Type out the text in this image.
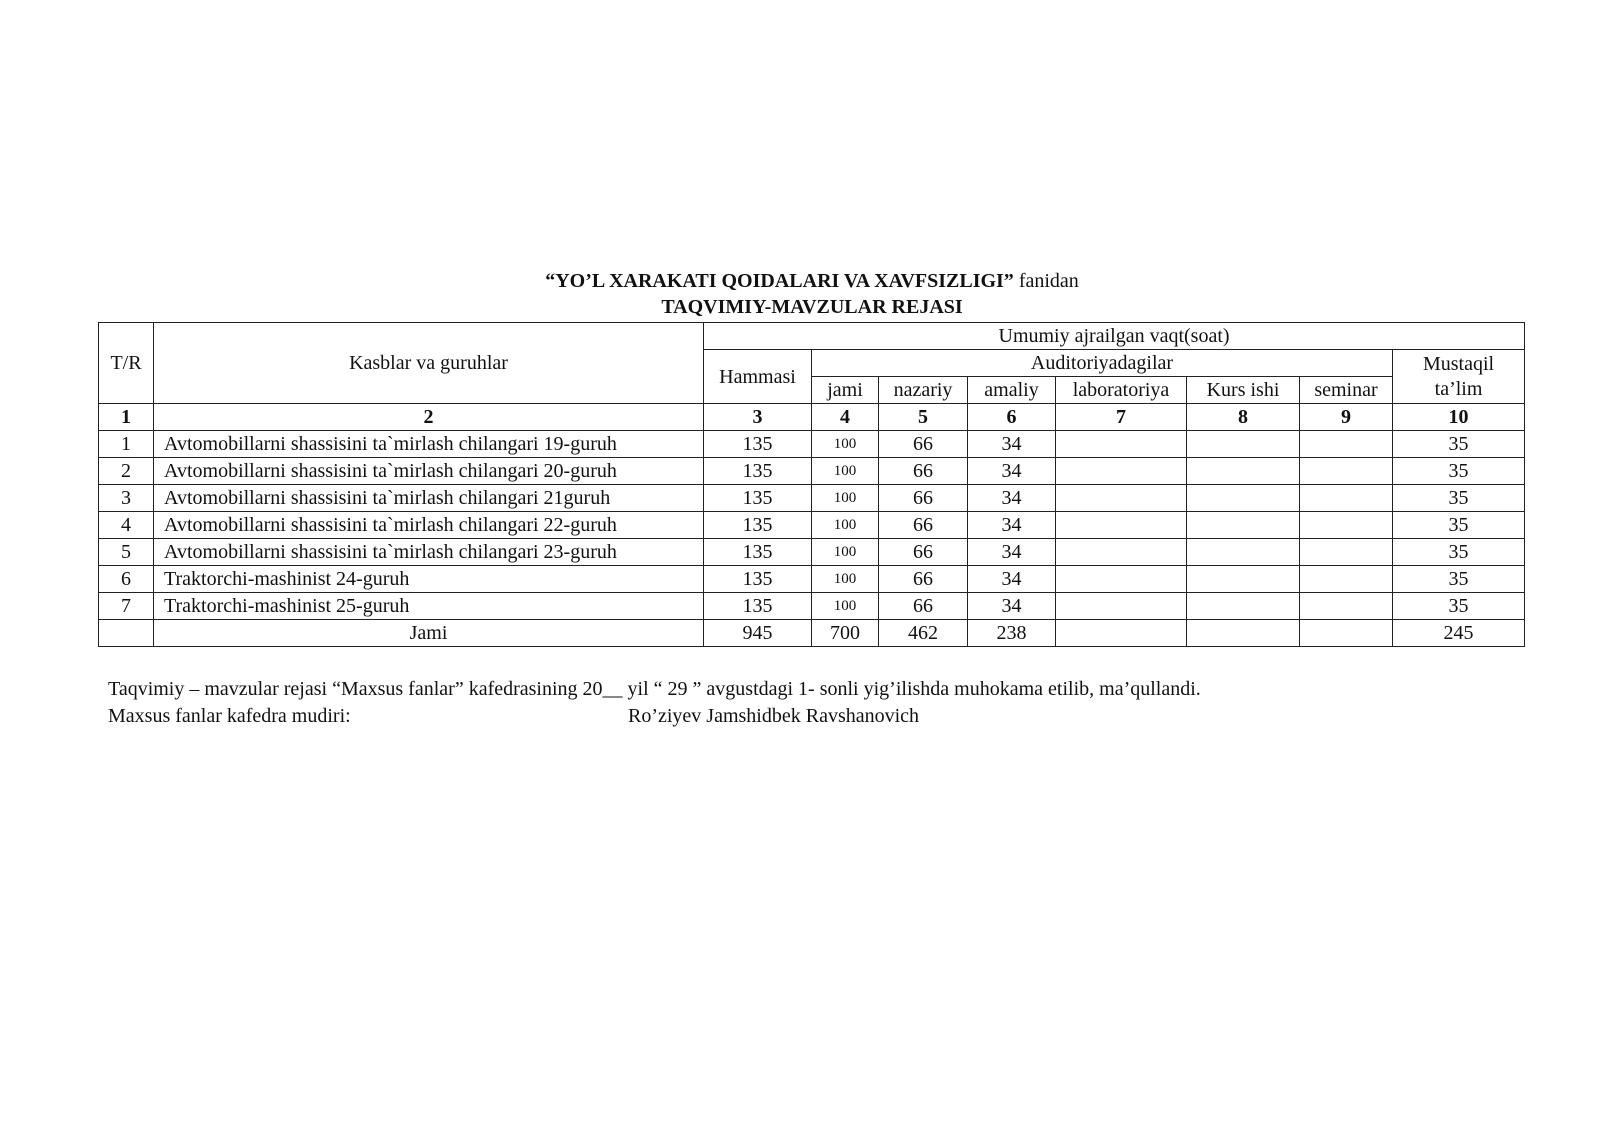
“YO’L XARAKATI QOIDALARI VA XAVFSIZLIGI” fanidan
TAQVIMIY-MAVZULAR REJASI
T/R	Kasblar va guruhlar	Umumiy ajrailgan vaqt(soat)							
		Hammasi	Auditoriyadagilar						Mustaqil
ta’lim
			jami	nazariy	amaliy	laboratoriya	Kurs ishi	seminar	
1	2	3	4	5	6	7	8	9	10
1	Avtomobillarni shassisini ta`mirlash chilangari 19-guruh	135	100	66	34				35
2	Avtomobillarni shassisini ta`mirlash chilangari 20-guruh	135	100	66	34				35
3	Avtomobillarni shassisini ta`mirlash chilangari 21guruh	135	100	66	34				35
4	Avtomobillarni shassisini ta`mirlash chilangari 22-guruh	135	100	66	34				35
5	Avtomobillarni shassisini ta`mirlash chilangari 23-guruh	135	100	66	34				35
6	Traktorchi-mashinist 24-guruh	135	100	66	34				35
7	Traktorchi-mashinist 25-guruh	135	100	66	34				35
	Jami	945	700	462	238				245
Taqvimiy – mavzular rejasi “Maxsus fanlar” kafedrasining 20__ yil “ 29 ” avgustdagi 1- sonli yig’ilishda muhokama etilib, ma’qullandi.
Maxsus fanlar kafedra mudiri:	Ro’ziyev Jamshidbek Ravshanovich
